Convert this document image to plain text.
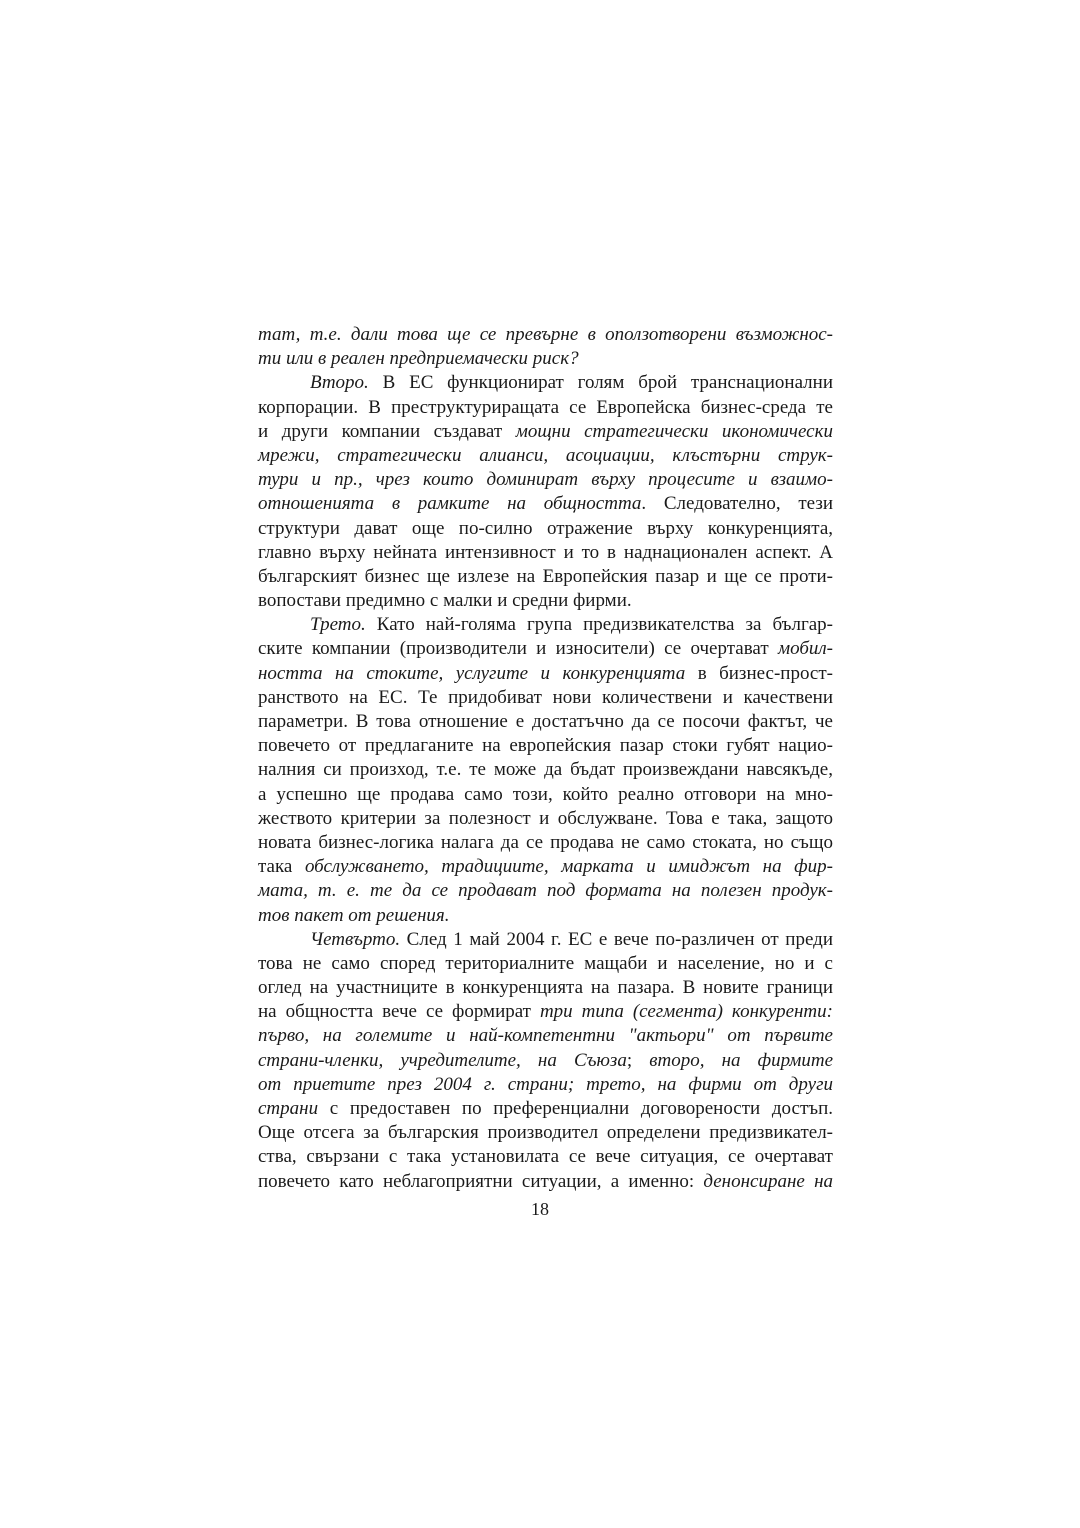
тат, т.е. дали това ще се превърне в оползотворени възможнос-
ти или в реален предприемачески риск?
Второ. В ЕС функционират голям брой транснационални
корпорации. В преструктуриращата се Европейска бизнес-среда те
и други компании създават мощни стратегически икономически
мрежи, стратегически алианси, асоциации, клъстърни струк-
тури и пр., чрез които доминират върху процесите и взаимо-
отношенията в рамките на общността. Следователно, тези
структури дават още по-силно отражение върху конкуренцията,
главно върху нейната интензивност и то в наднационален аспект. А
българският бизнес ще излезе на Европейския пазар и ще се проти-
вопостави предимно с малки и средни фирми.
Трето. Като най-голяма група предизвикателства за българ-
ските компании (производители и износители) се очертават мобил-
ността на стоките, услугите и конкуренцията в бизнес-прост-
ранството на ЕС. Те придобиват нови количествени и качествени
параметри. В това отношение е достатъчно да се посочи фактът, че
повечето от предлаганите на европейския пазар стоки губят нацио-
налния си произход, т.е. те може да бъдат произвеждани навсякъде,
а успешно ще продава само този, който реално отговори на мно-
жеството критерии за полезност и обслужване. Това е така, защото
новата бизнес-логика налага да се продава не само стоката, но също
така обслужването, традициите, марката и имиджът на фир-
мата, т. е. те да се продават под формата на полезен продук-
тов пакет от решения.
Четвърто. След 1 май 2004 г. ЕС е вече по-различен от преди
това не само според териториалните мащаби и население, но и с
оглед на участниците в конкуренцията на пазара. В новите граници
на общността вече се формират три типа (сегмента) конкуренти:
първо, на големите и най-компетентни "актьори" от първите
страни-членки, учредителите, на Съюза; второ, на фирмите
от приетите през 2004 г. страни; трето, на фирми от други
страни с предоставен по преференциални договорености достъп.
Още отсега за българския производител определени предизвикател-
ства, свързани с така установилата се вече ситуация, се очертават
повечето като неблагоприятни ситуации, а именно: денонсиране на
18
